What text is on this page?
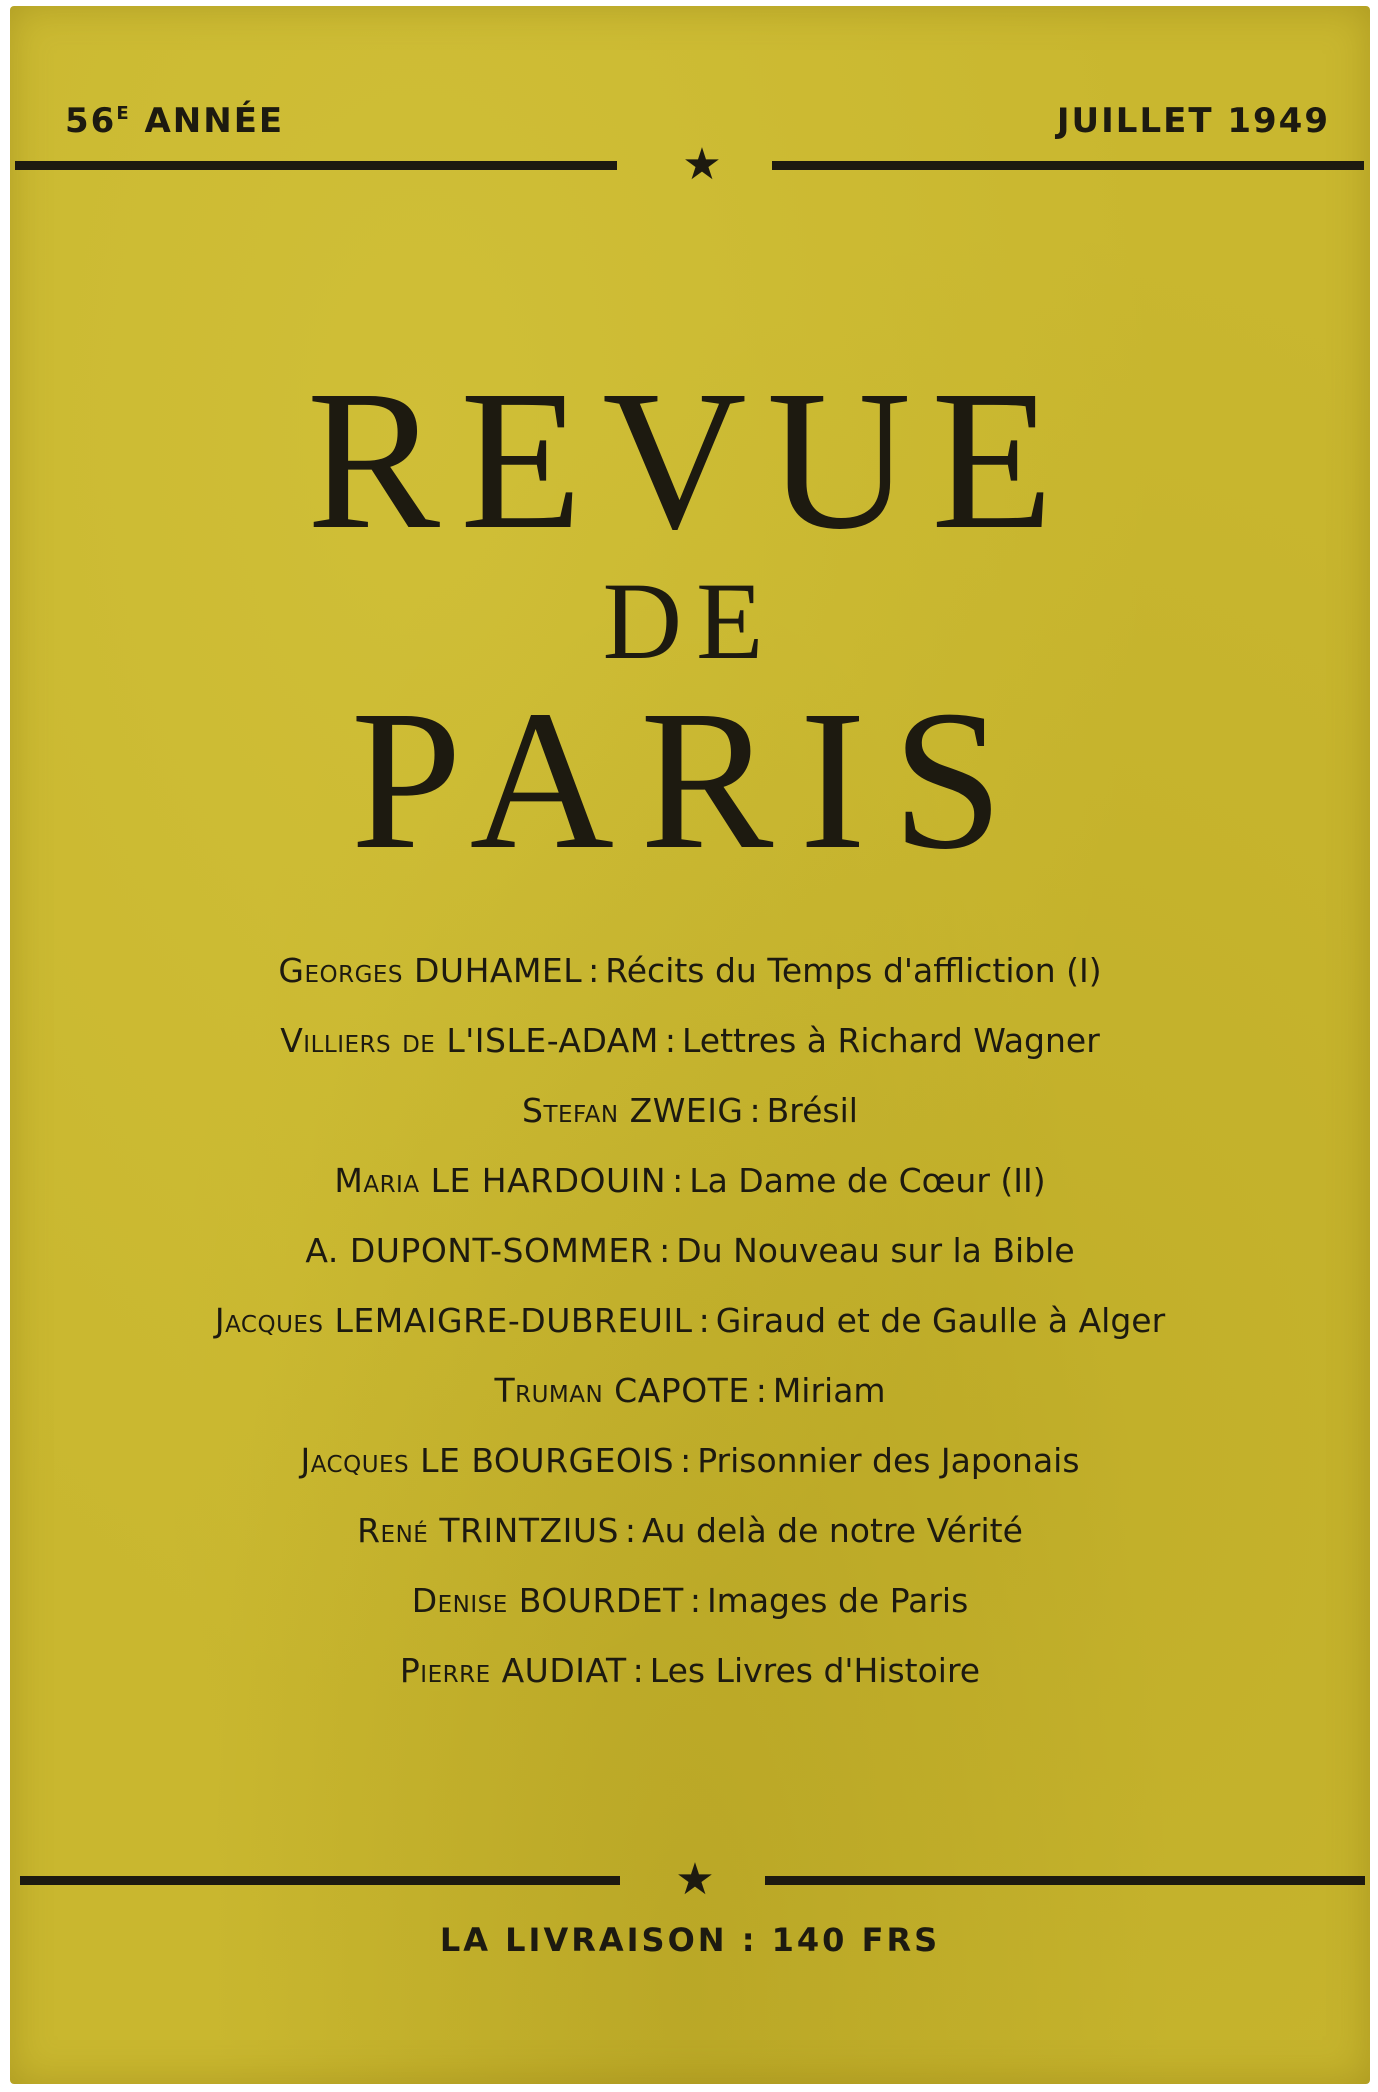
$56^E$ ANNÉE	JUILLET 1949
★
REVUE
DE
PARIS
Georges DUHAMEL : Récits du Temps d'affliction (I)
Villiers de L'ISLE-ADAM : Lettres à Richard Wagner
Stefan ZWEIG : Brésil
Maria LE HARDOUIN : La Dame de Cœur (II)
A. DUPONT-SOMMER : Du Nouveau sur la Bible
Jacques LEMAIGRE-DUBREUIL : Giraud et de Gaulle à Alger
Truman CAPOTE : Miriam
Jacques LE BOURGEOIS : Prisonnier des Japonais
René TRINTZIUS : Au delà de notre Vérité
Denise BOURDET : Images de Paris
Pierre AUDIAT : Les Livres d'Histoire
★
LA LIVRAISON : 140 FRS
